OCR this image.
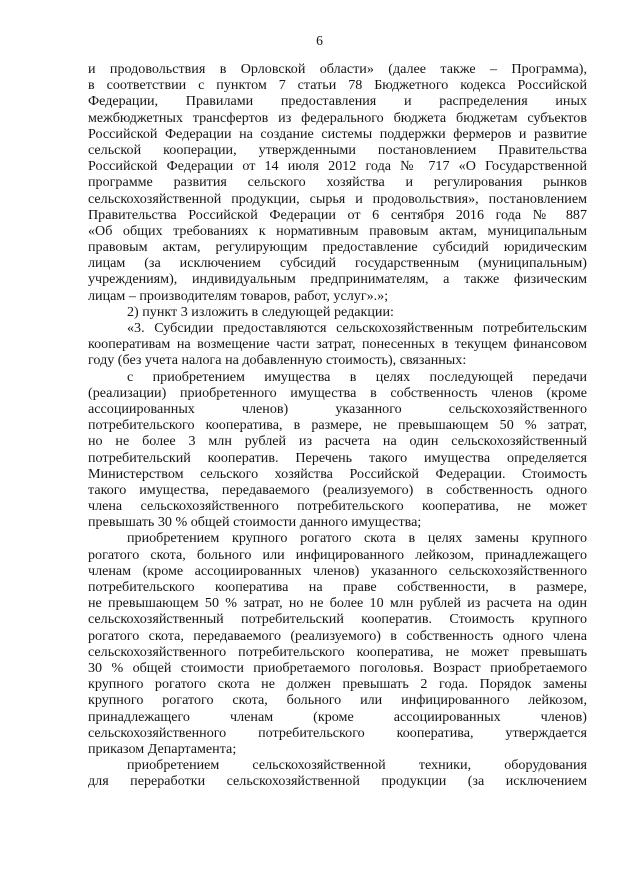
6
и продовольствия в Орловской области» (далее также – Программа),
в соответствии с пунктом 7 статьи 78 Бюджетного кодекса Российской
Федерации, Правилами предоставления и распределения иных
межбюджетных трансфертов из федерального бюджета бюджетам субъектов
Российской Федерации на создание системы поддержки фермеров и развитие
сельской кооперации, утвержденными постановлением Правительства
Российской Федерации от 14 июля 2012 года № 717 «О Государственной
программе развития сельского хозяйства и регулирования рынков
сельскохозяйственной продукции, сырья и продовольствия», постановлением
Правительства Российской Федерации от 6 сентября 2016 года № 887
«Об общих требованиях к нормативным правовым актам, муниципальным
правовым актам, регулирующим предоставление субсидий юридическим
лицам (за исключением субсидий государственным (муниципальным)
учреждениям), индивидуальным предпринимателям, а также физическим
лицам – производителям товаров, работ, услуг».»;
2) пункт 3 изложить в следующей редакции:
«3. Субсидии предоставляются сельскохозяйственным потребительским
кооперативам на возмещение части затрат, понесенных в текущем финансовом
году (без учета налога на добавленную стоимость), связанных:
с приобретением имущества в целях последующей передачи
(реализации) приобретенного имущества в собственность членов (кроме
ассоциированных членов) указанного сельскохозяйственного
потребительского кооператива, в размере, не превышающем 50 % затрат,
но не более 3 млн рублей из расчета на один сельскохозяйственный
потребительский кооператив. Перечень такого имущества определяется
Министерством сельского хозяйства Российской Федерации. Стоимость
такого имущества, передаваемого (реализуемого) в собственность одного
члена сельскохозяйственного потребительского кооператива, не может
превышать 30 % общей стоимости данного имущества;
приобретением крупного рогатого скота в целях замены крупного
рогатого скота, больного или инфицированного лейкозом, принадлежащего
членам (кроме ассоциированных членов) указанного сельскохозяйственного
потребительского кооператива на праве собственности, в размере,
не превышающем 50 % затрат, но не более 10 млн рублей из расчета на один
сельскохозяйственный потребительский кооператив. Стоимость крупного
рогатого скота, передаваемого (реализуемого) в собственность одного члена
сельскохозяйственного потребительского кооператива, не может превышать
30 % общей стоимости приобретаемого поголовья. Возраст приобретаемого
крупного рогатого скота не должен превышать 2 года. Порядок замены
крупного рогатого скота, больного или инфицированного лейкозом,
принадлежащего членам (кроме ассоциированных членов)
сельскохозяйственного потребительского кооператива, утверждается
приказом Департамента;
приобретением сельскохозяйственной техники, оборудования
для переработки сельскохозяйственной продукции (за исключением
